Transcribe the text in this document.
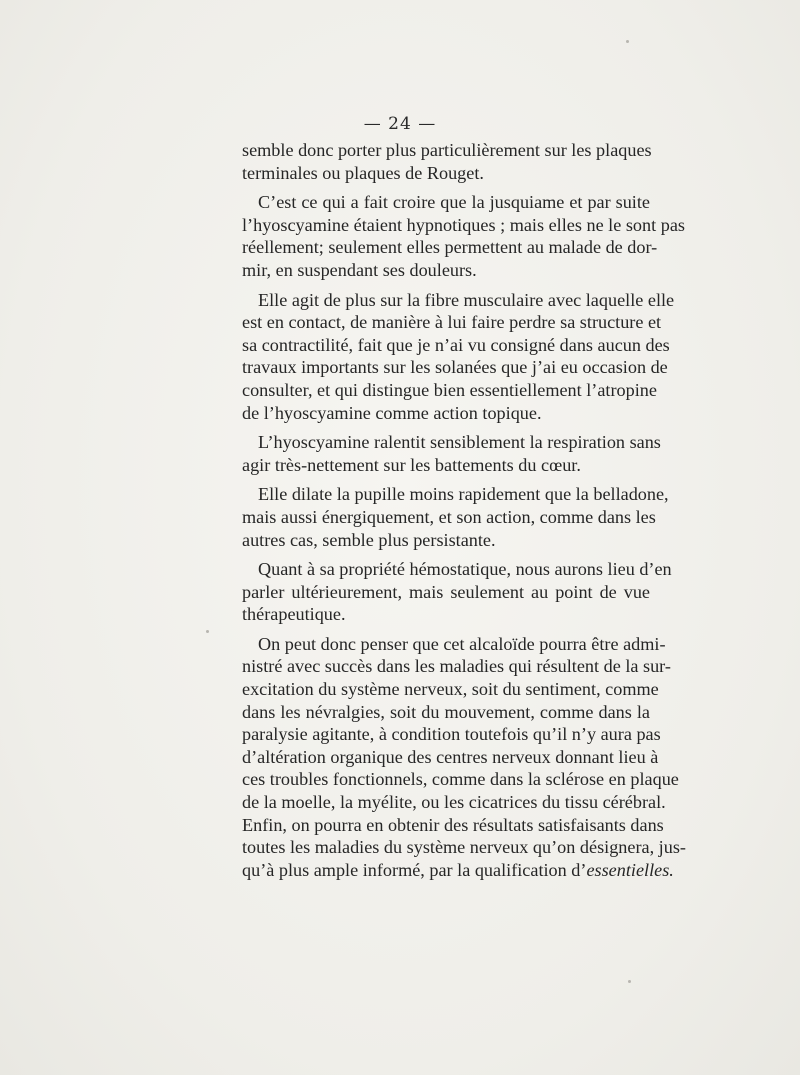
— 24 —

semble donc porter plus particulièrement sur les plaques
terminales ou plaques de Rouget.

C’est ce qui a fait croire que la jusquiame et par suite
l’hyoscyamine étaient hypnotiques ; mais elles ne le sont pas
réellement; seulement elles permettent au malade de dor-
mir, en suspendant ses douleurs.

Elle agit de plus sur la fibre musculaire avec laquelle elle
est en contact, de manière à lui faire perdre sa structure et
sa contractilité, fait que je n’ai vu consigné dans aucun des
travaux importants sur les solanées que j’ai eu occasion de
consulter, et qui distingue bien essentiellement l’atropine
de l’hyoscyamine comme action topique.

L’hyoscyamine ralentit sensiblement la respiration sans
agir très-nettement sur les battements du cœur.

Elle dilate la pupille moins rapidement que la belladone,
mais aussi énergiquement, et son action, comme dans les
autres cas, semble plus persistante.

Quant à sa propriété hémostatique, nous aurons lieu d’en
parler ultérieurement, mais seulement au point de vue
thérapeutique.

On peut donc penser que cet alcaloïde pourra être admi-
nistré avec succès dans les maladies qui résultent de la sur-
excitation du système nerveux, soit du sentiment, comme
dans les névralgies, soit du mouvement, comme dans la
paralysie agitante, à condition toutefois qu’il n’y aura pas
d’altération organique des centres nerveux donnant lieu à
ces troubles fonctionnels, comme dans la sclérose en plaque
de la moelle, la myélite, ou les cicatrices du tissu cérébral.
Enfin, on pourra en obtenir des résultats satisfaisants dans
toutes les maladies du système nerveux qu’on désignera, jus-
qu’à plus ample informé, par la qualification d’essentielles.
